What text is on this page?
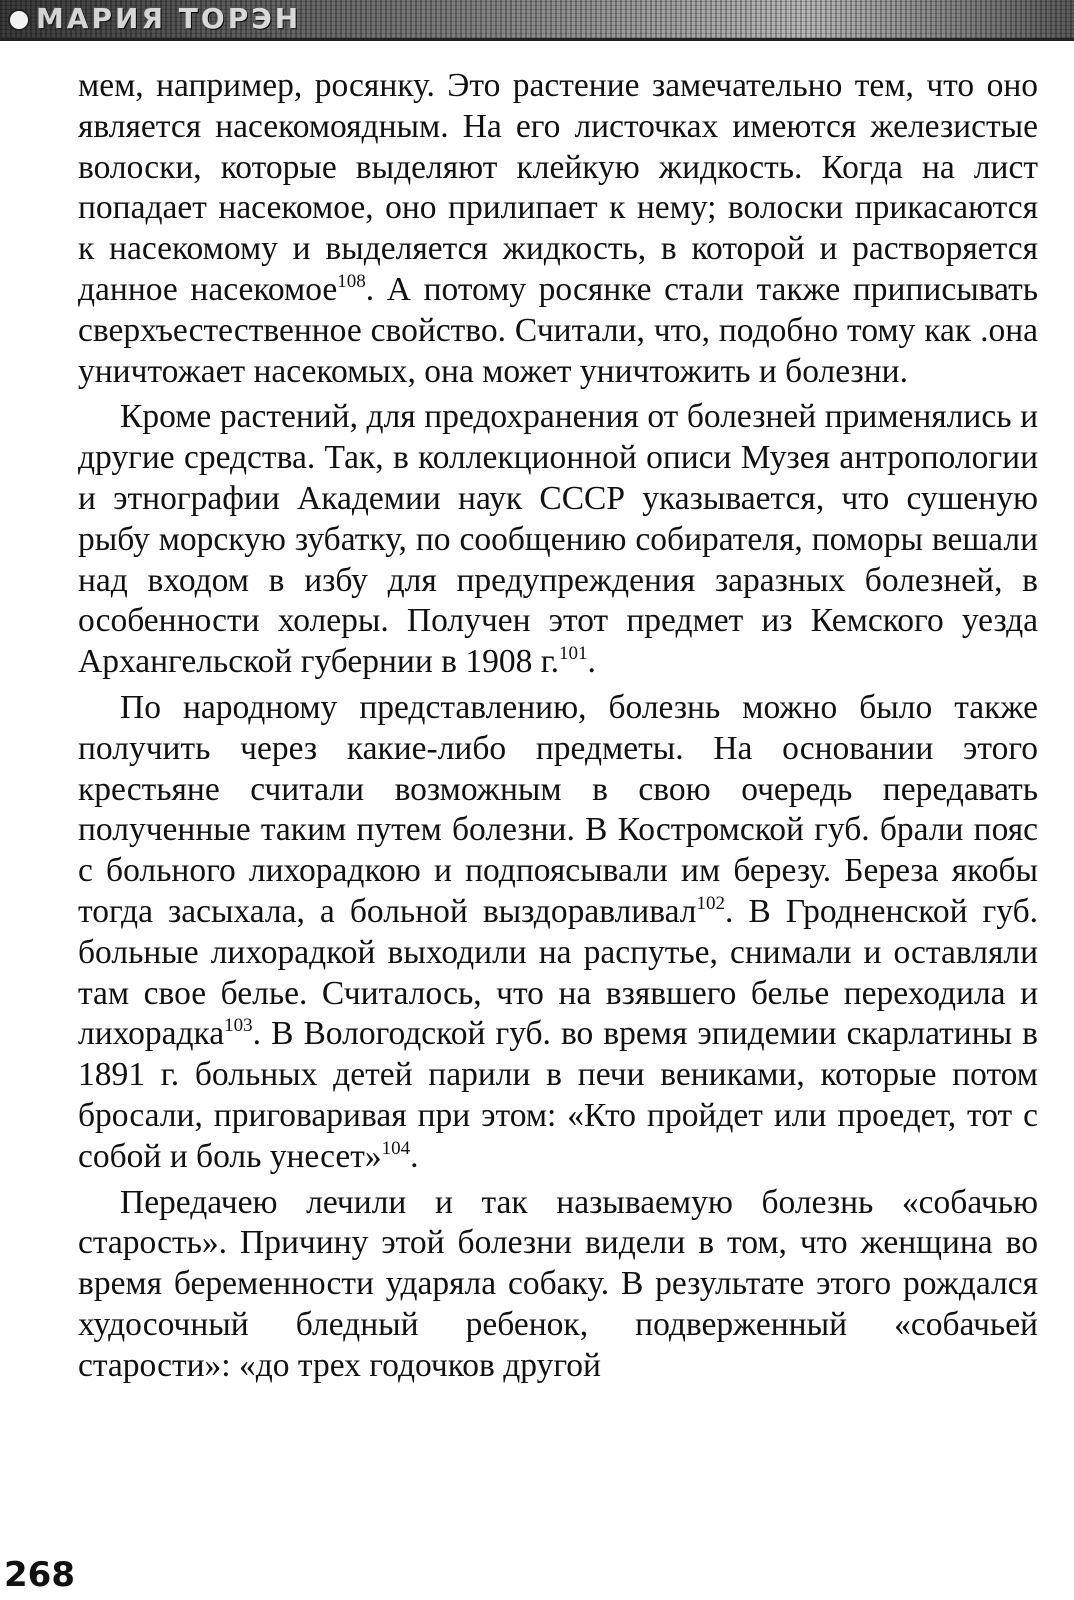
МАРИЯ ТОРЭН

мем, например, росянку. Это растение замечательно тем, что оно является насекомоядным. На его листочках имеются железистые волоски, которые выделяют клейкую жидкость. Когда на лист попадает насекомое, оно прилипает к нему; волоски прикасаются к насекомому и выделяется жидкость, в которой и растворяется данное насекомое$^{108}$. А потому росянке стали также приписывать сверхъестественное свойство. Считали, что, подобно тому как .она уничтожает насекомых, она может уничтожить и болезни.

Кроме растений, для предохранения от болезней применялись и другие средства. Так, в коллекционной описи Музея антропологии и этнографии Академии наук СССР указывается, что сушеную рыбу морскую зубатку, по сообщению собирателя, поморы вешали над входом в избу для предупреждения заразных болезней, в особенности холеры. Получен этот предмет из Кемского уезда Архангельской губернии в 1908 г.$^{101}$.

По народному представлению, болезнь можно было также получить через какие-либо предметы. На основании этого крестьяне считали возможным в свою очередь передавать полученные таким путем болезни. В Костромской губ. брали пояс с больного лихорадкою и подпоясывали им березу. Береза якобы тогда засыхала, а больной выздоравливал$^{102}$. В Гродненской губ. больные лихорадкой выходили на распутье, снимали и оставляли там свое белье. Считалось, что на взявшего белье переходила и лихорадка$^{103}$. В Вологодской губ. во время эпидемии скарлатины в 1891 г. больных детей парили в печи вениками, которые потом бросали, приговаривая при этом: «Кто пройдет или проедет, тот с собой и боль унесет»$^{104}$.

Передачею лечили и так называемую болезнь «собачью старость». Причину этой болезни видели в том, что женщина во время беременности ударяла собаку. В результате этого рождался худосочный бледный ребенок, подверженный «собачьей старости»: «до трех годочков другой

268
